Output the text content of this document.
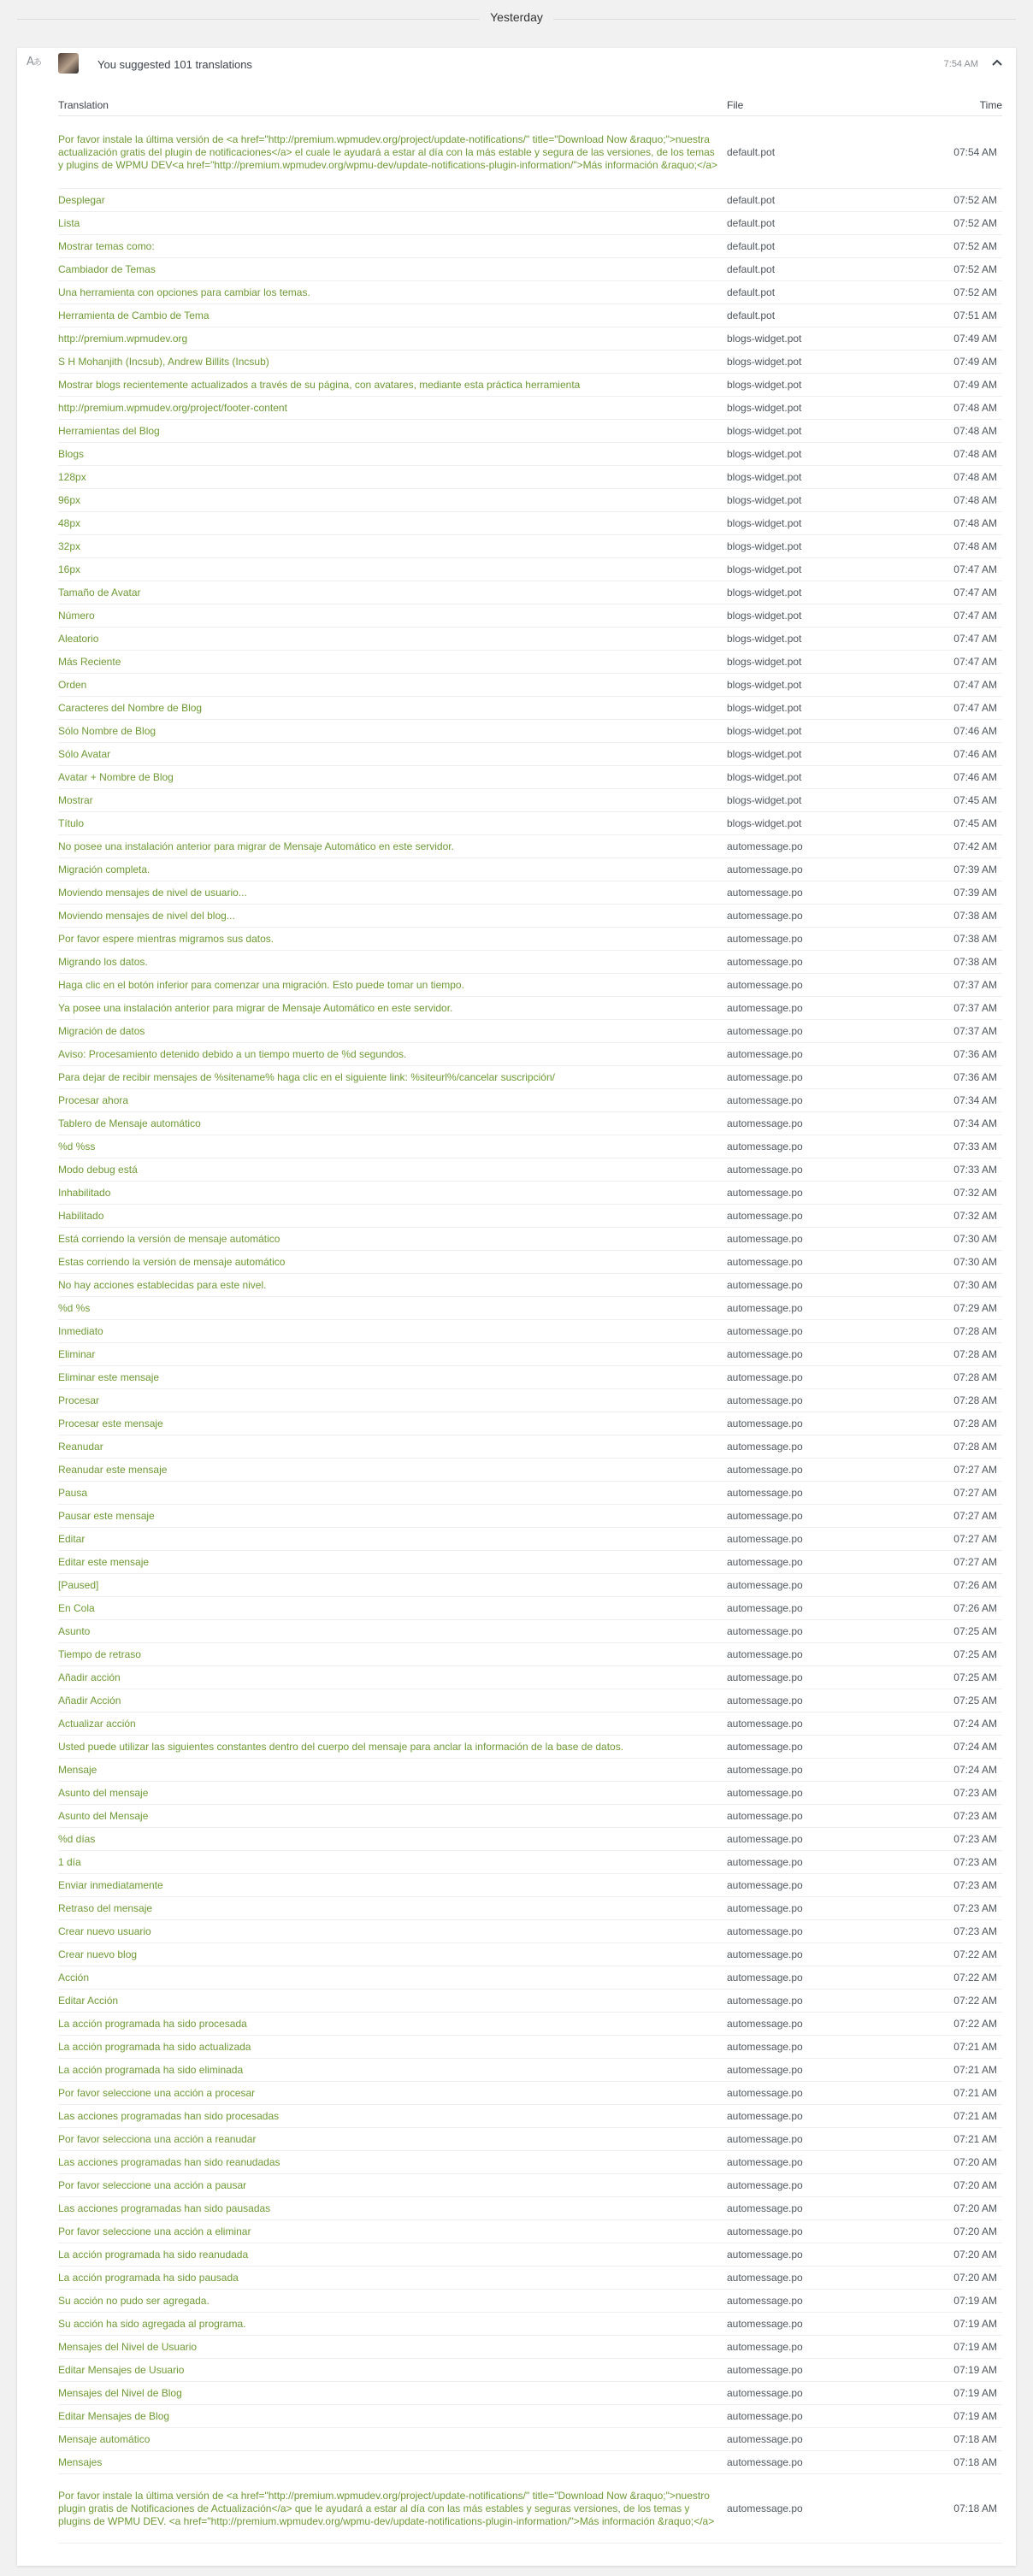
Yesterday
Aあ	You suggested 101 translations	7:54 AM
Translation	File	Time
Por favor instale la última versión de <a href="http://premium.wpmudev.org/project/update-notifications/" title="Download Now &raquo;">nuestra actualización gratis del plugin de notificaciones</a> el cuale le ayudará a estar al día con la más estable y segura de las versiones, de los temas y plugins de WPMU DEV<a href="http://premium.wpmudev.org/wpmu-dev/update-notifications-plugin-information/">Más información &raquo;</a>	default.pot	07:54 AM
Desplegar	default.pot	07:52 AM
Lista	default.pot	07:52 AM
Mostrar temas como:	default.pot	07:52 AM
Cambiador de Temas	default.pot	07:52 AM
Una herramienta con opciones para cambiar los temas.	default.pot	07:52 AM
Herramienta de Cambio de Tema	default.pot	07:51 AM
http://premium.wpmudev.org	blogs-widget.pot	07:49 AM
S H Mohanjith (Incsub), Andrew Billits (Incsub)	blogs-widget.pot	07:49 AM
Mostrar blogs recientemente actualizados a través de su página, con avatares, mediante esta práctica herramienta	blogs-widget.pot	07:49 AM
http://premium.wpmudev.org/project/footer-content	blogs-widget.pot	07:48 AM
Herramientas del Blog	blogs-widget.pot	07:48 AM
Blogs	blogs-widget.pot	07:48 AM
128px	blogs-widget.pot	07:48 AM
96px	blogs-widget.pot	07:48 AM
48px	blogs-widget.pot	07:48 AM
32px	blogs-widget.pot	07:48 AM
16px	blogs-widget.pot	07:47 AM
Tamaño de Avatar	blogs-widget.pot	07:47 AM
Número	blogs-widget.pot	07:47 AM
Aleatorio	blogs-widget.pot	07:47 AM
Más Reciente	blogs-widget.pot	07:47 AM
Orden	blogs-widget.pot	07:47 AM
Caracteres del Nombre de Blog	blogs-widget.pot	07:47 AM
Sólo Nombre de Blog	blogs-widget.pot	07:46 AM
Sólo Avatar	blogs-widget.pot	07:46 AM
Avatar + Nombre de Blog	blogs-widget.pot	07:46 AM
Mostrar	blogs-widget.pot	07:45 AM
Título	blogs-widget.pot	07:45 AM
No posee una instalación anterior para migrar de Mensaje Automático en este servidor.	automessage.po	07:42 AM
Migración completa.	automessage.po	07:39 AM
Moviendo mensajes de nivel de usuario...	automessage.po	07:39 AM
Moviendo mensajes de nivel del blog...	automessage.po	07:38 AM
Por favor espere mientras migramos sus datos.	automessage.po	07:38 AM
Migrando los datos.	automessage.po	07:38 AM
Haga clic en el botón inferior para comenzar una migración. Esto puede tomar un tiempo.	automessage.po	07:37 AM
Ya posee una instalación anterior para migrar de Mensaje Automático en este servidor.	automessage.po	07:37 AM
Migración de datos	automessage.po	07:37 AM
Aviso: Procesamiento detenido debido a un tiempo muerto de %d segundos.	automessage.po	07:36 AM
Para dejar de recibir mensajes de %sitename% haga clic en el siguiente link: %siteurl%/cancelar suscripción/	automessage.po	07:36 AM
Procesar ahora	automessage.po	07:34 AM
Tablero de Mensaje automático	automessage.po	07:34 AM
%d %ss	automessage.po	07:33 AM
Modo debug está	automessage.po	07:33 AM
Inhabilitado	automessage.po	07:32 AM
Habilitado	automessage.po	07:32 AM
Está corriendo la versión de mensaje automático	automessage.po	07:30 AM
Estas corriendo la versión de mensaje automático	automessage.po	07:30 AM
No hay acciones establecidas para este nivel.	automessage.po	07:30 AM
%d %s	automessage.po	07:29 AM
Inmediato	automessage.po	07:28 AM
Eliminar	automessage.po	07:28 AM
Eliminar este mensaje	automessage.po	07:28 AM
Procesar	automessage.po	07:28 AM
Procesar este mensaje	automessage.po	07:28 AM
Reanudar	automessage.po	07:28 AM
Reanudar este mensaje	automessage.po	07:27 AM
Pausa	automessage.po	07:27 AM
Pausar este mensaje	automessage.po	07:27 AM
Editar	automessage.po	07:27 AM
Editar este mensaje	automessage.po	07:27 AM
[Paused]	automessage.po	07:26 AM
En Cola	automessage.po	07:26 AM
Asunto	automessage.po	07:25 AM
Tiempo de retraso	automessage.po	07:25 AM
Añadir acción	automessage.po	07:25 AM
Añadir Acción	automessage.po	07:25 AM
Actualizar acción	automessage.po	07:24 AM
Usted puede utilizar las siguientes constantes dentro del cuerpo del mensaje para anclar la información de la base de datos.	automessage.po	07:24 AM
Mensaje	automessage.po	07:24 AM
Asunto del mensaje	automessage.po	07:23 AM
Asunto del Mensaje	automessage.po	07:23 AM
%d días	automessage.po	07:23 AM
1 día	automessage.po	07:23 AM
Enviar inmediatamente	automessage.po	07:23 AM
Retraso del mensaje	automessage.po	07:23 AM
Crear nuevo usuario	automessage.po	07:23 AM
Crear nuevo blog	automessage.po	07:22 AM
Acción	automessage.po	07:22 AM
Editar Acción	automessage.po	07:22 AM
La acción programada ha sido procesada	automessage.po	07:22 AM
La acción programada ha sido actualizada	automessage.po	07:21 AM
La acción programada ha sido eliminada	automessage.po	07:21 AM
Por favor seleccione una acción a procesar	automessage.po	07:21 AM
Las acciones programadas han sido procesadas	automessage.po	07:21 AM
Por favor selecciona una acción a reanudar	automessage.po	07:21 AM
Las acciones programadas han sido reanudadas	automessage.po	07:20 AM
Por favor seleccione una acción a pausar	automessage.po	07:20 AM
Las acciones programadas han sido pausadas	automessage.po	07:20 AM
Por favor seleccione una acción a eliminar	automessage.po	07:20 AM
La acción programada ha sido reanudada	automessage.po	07:20 AM
La acción programada ha sido pausada	automessage.po	07:20 AM
Su acción no pudo ser agregada.	automessage.po	07:19 AM
Su acción ha sido agregada al programa.	automessage.po	07:19 AM
Mensajes del Nivel de Usuario	automessage.po	07:19 AM
Editar Mensajes de Usuario	automessage.po	07:19 AM
Mensajes del Nivel de Blog	automessage.po	07:19 AM
Editar Mensajes de Blog	automessage.po	07:19 AM
Mensaje automático	automessage.po	07:18 AM
Mensajes	automessage.po	07:18 AM
Por favor instale la última versión de <a href="http://premium.wpmudev.org/project/update-notifications/" title="Download Now &raquo;">nuestro plugin gratis de Notificaciones de Actualización</a> que le ayudará a estar al día con las más estables y seguras versiones, de los temas y plugins de WPMU DEV. <a href="http://premium.wpmudev.org/wpmu-dev/update-notifications-plugin-information/">Más información &raquo;</a>	automessage.po	07:18 AM
